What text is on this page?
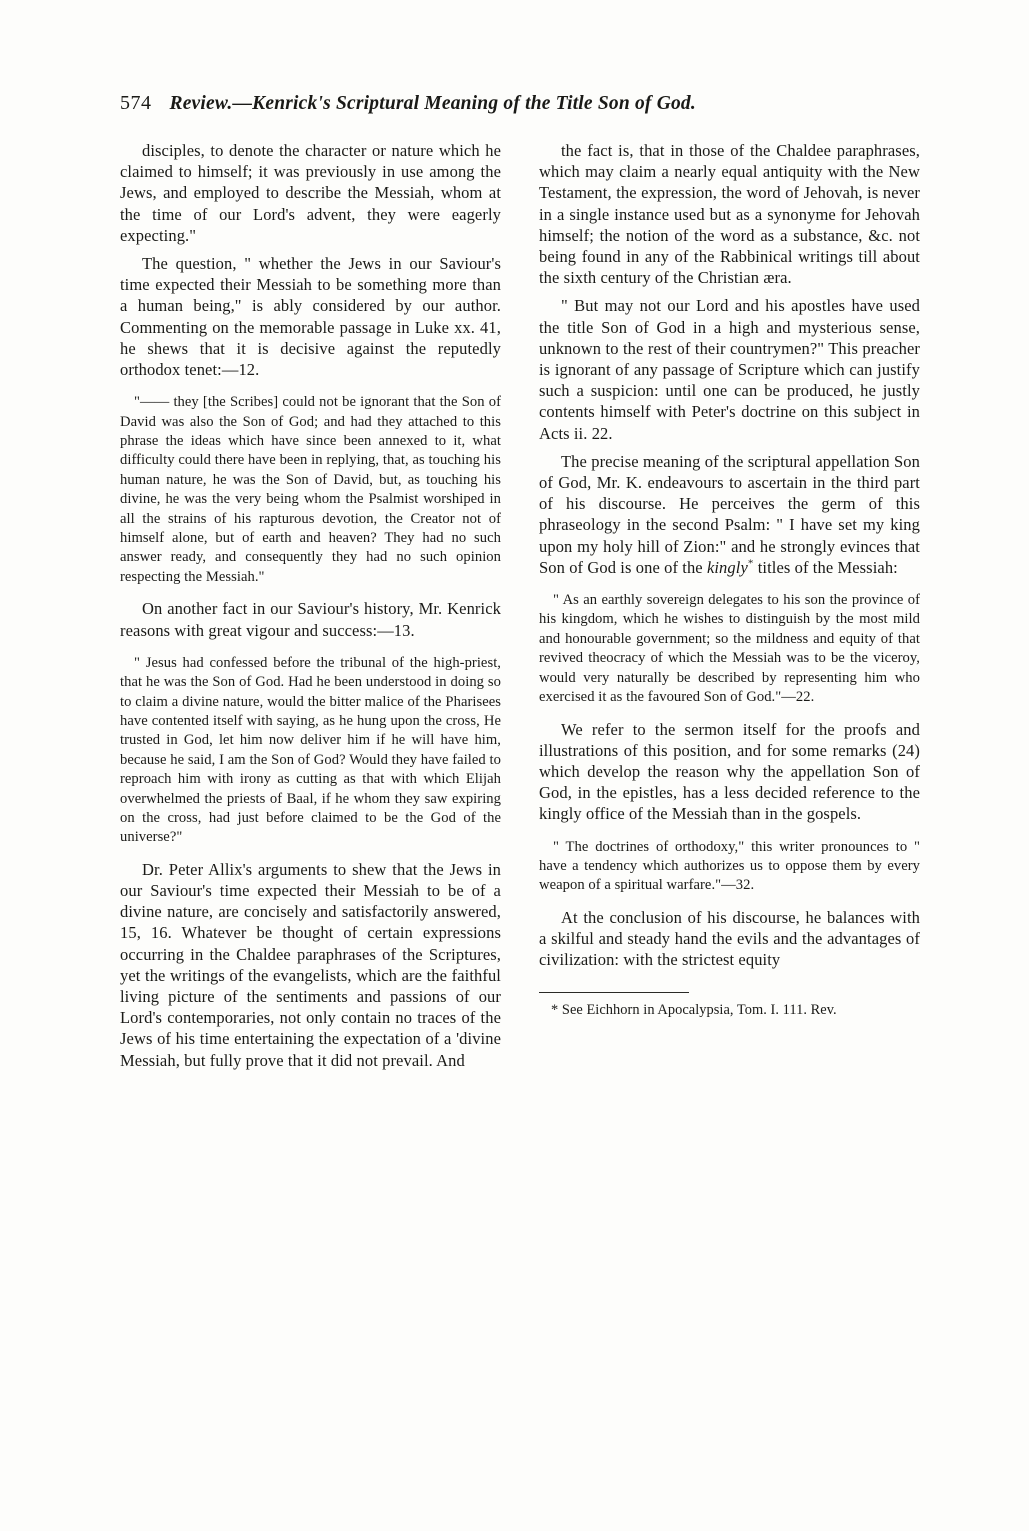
574 Review.—Kenrick's Scriptural Meaning of the Title Son of God.

disciples, to denote the character or nature which he claimed to himself; it was previously in use among the Jews, and employed to describe the Messiah, whom at the time of our Lord's advent, they were eagerly expecting."

The question, " whether the Jews in our Saviour's time expected their Messiah to be something more than a human being," is ably considered by our author. Commenting on the memorable passage in Luke xx. 41, he shews that it is decisive against the reputedly orthodox tenet:—12.

"—— they [the Scribes] could not be ignorant that the Son of David was also the Son of God; and had they attached to this phrase the ideas which have since been annexed to it, what difficulty could there have been in replying, that, as touching his human nature, he was the Son of David, but, as touching his divine, he was the very being whom the Psalmist worshiped in all the strains of his rapturous devotion, the Creator not of himself alone, but of earth and heaven? They had no such answer ready, and consequently they had no such opinion respecting the Messiah."

On another fact in our Saviour's history, Mr. Kenrick reasons with great vigour and success:—13.

" Jesus had confessed before the tribunal of the high-priest, that he was the Son of God. Had he been understood in doing so to claim a divine nature, would the bitter malice of the Pharisees have contented itself with saying, as he hung upon the cross, He trusted in God, let him now deliver him if he will have him, because he said, I am the Son of God? Would they have failed to reproach him with irony as cutting as that with which Elijah overwhelmed the priests of Baal, if he whom they saw expiring on the cross, had just before claimed to be the God of the universe?"

Dr. Peter Allix's arguments to shew that the Jews in our Saviour's time expected their Messiah to be of a divine nature, are concisely and satisfactorily answered, 15, 16. Whatever be thought of certain expressions occurring in the Chaldee paraphrases of the Scriptures, yet the writings of the evangelists, which are the faithful living picture of the sentiments and passions of our Lord's contemporaries, not only contain no traces of the Jews of his time entertaining the expectation of a 'divine Messiah, but fully prove that it did not prevail. And

the fact is, that in those of the Chaldee paraphrases, which may claim a nearly equal antiquity with the New Testament, the expression, the word of Jehovah, is never in a single instance used but as a synonyme for Jehovah himself; the notion of the word as a substance, &c. not being found in any of the Rabbinical writings till about the sixth century of the Christian æra.

" But may not our Lord and his apostles have used the title Son of God in a high and mysterious sense, unknown to the rest of their countrymen?" This preacher is ignorant of any passage of Scripture which can justify such a suspicion: until one can be produced, he justly contents himself with Peter's doctrine on this subject in Acts ii. 22.

The precise meaning of the scriptural appellation Son of God, Mr. K. endeavours to ascertain in the third part of his discourse. He perceives the germ of this phraseology in the second Psalm: " I have set my king upon my holy hill of Zion:" and he strongly evinces that Son of God is one of the kingly* titles of the Messiah:

" As an earthly sovereign delegates to his son the province of his kingdom, which he wishes to distinguish by the most mild and honourable government; so the mildness and equity of that revived theocracy of which the Messiah was to be the viceroy, would very naturally be described by representing him who exercised it as the favoured Son of God."—22.

We refer to the sermon itself for the proofs and illustrations of this position, and for some remarks (24) which develop the reason why the appellation Son of God, in the epistles, has a less decided reference to the kingly office of the Messiah than in the gospels.

" The doctrines of orthodoxy," this writer pronounces to " have a tendency which authorizes us to oppose them by every weapon of a spiritual warfare."—32.

At the conclusion of his discourse, he balances with a skilful and steady hand the evils and the advantages of civilization: with the strictest equity

* See Eichhorn in Apocalypsia, Tom. I. 111. Rev.
